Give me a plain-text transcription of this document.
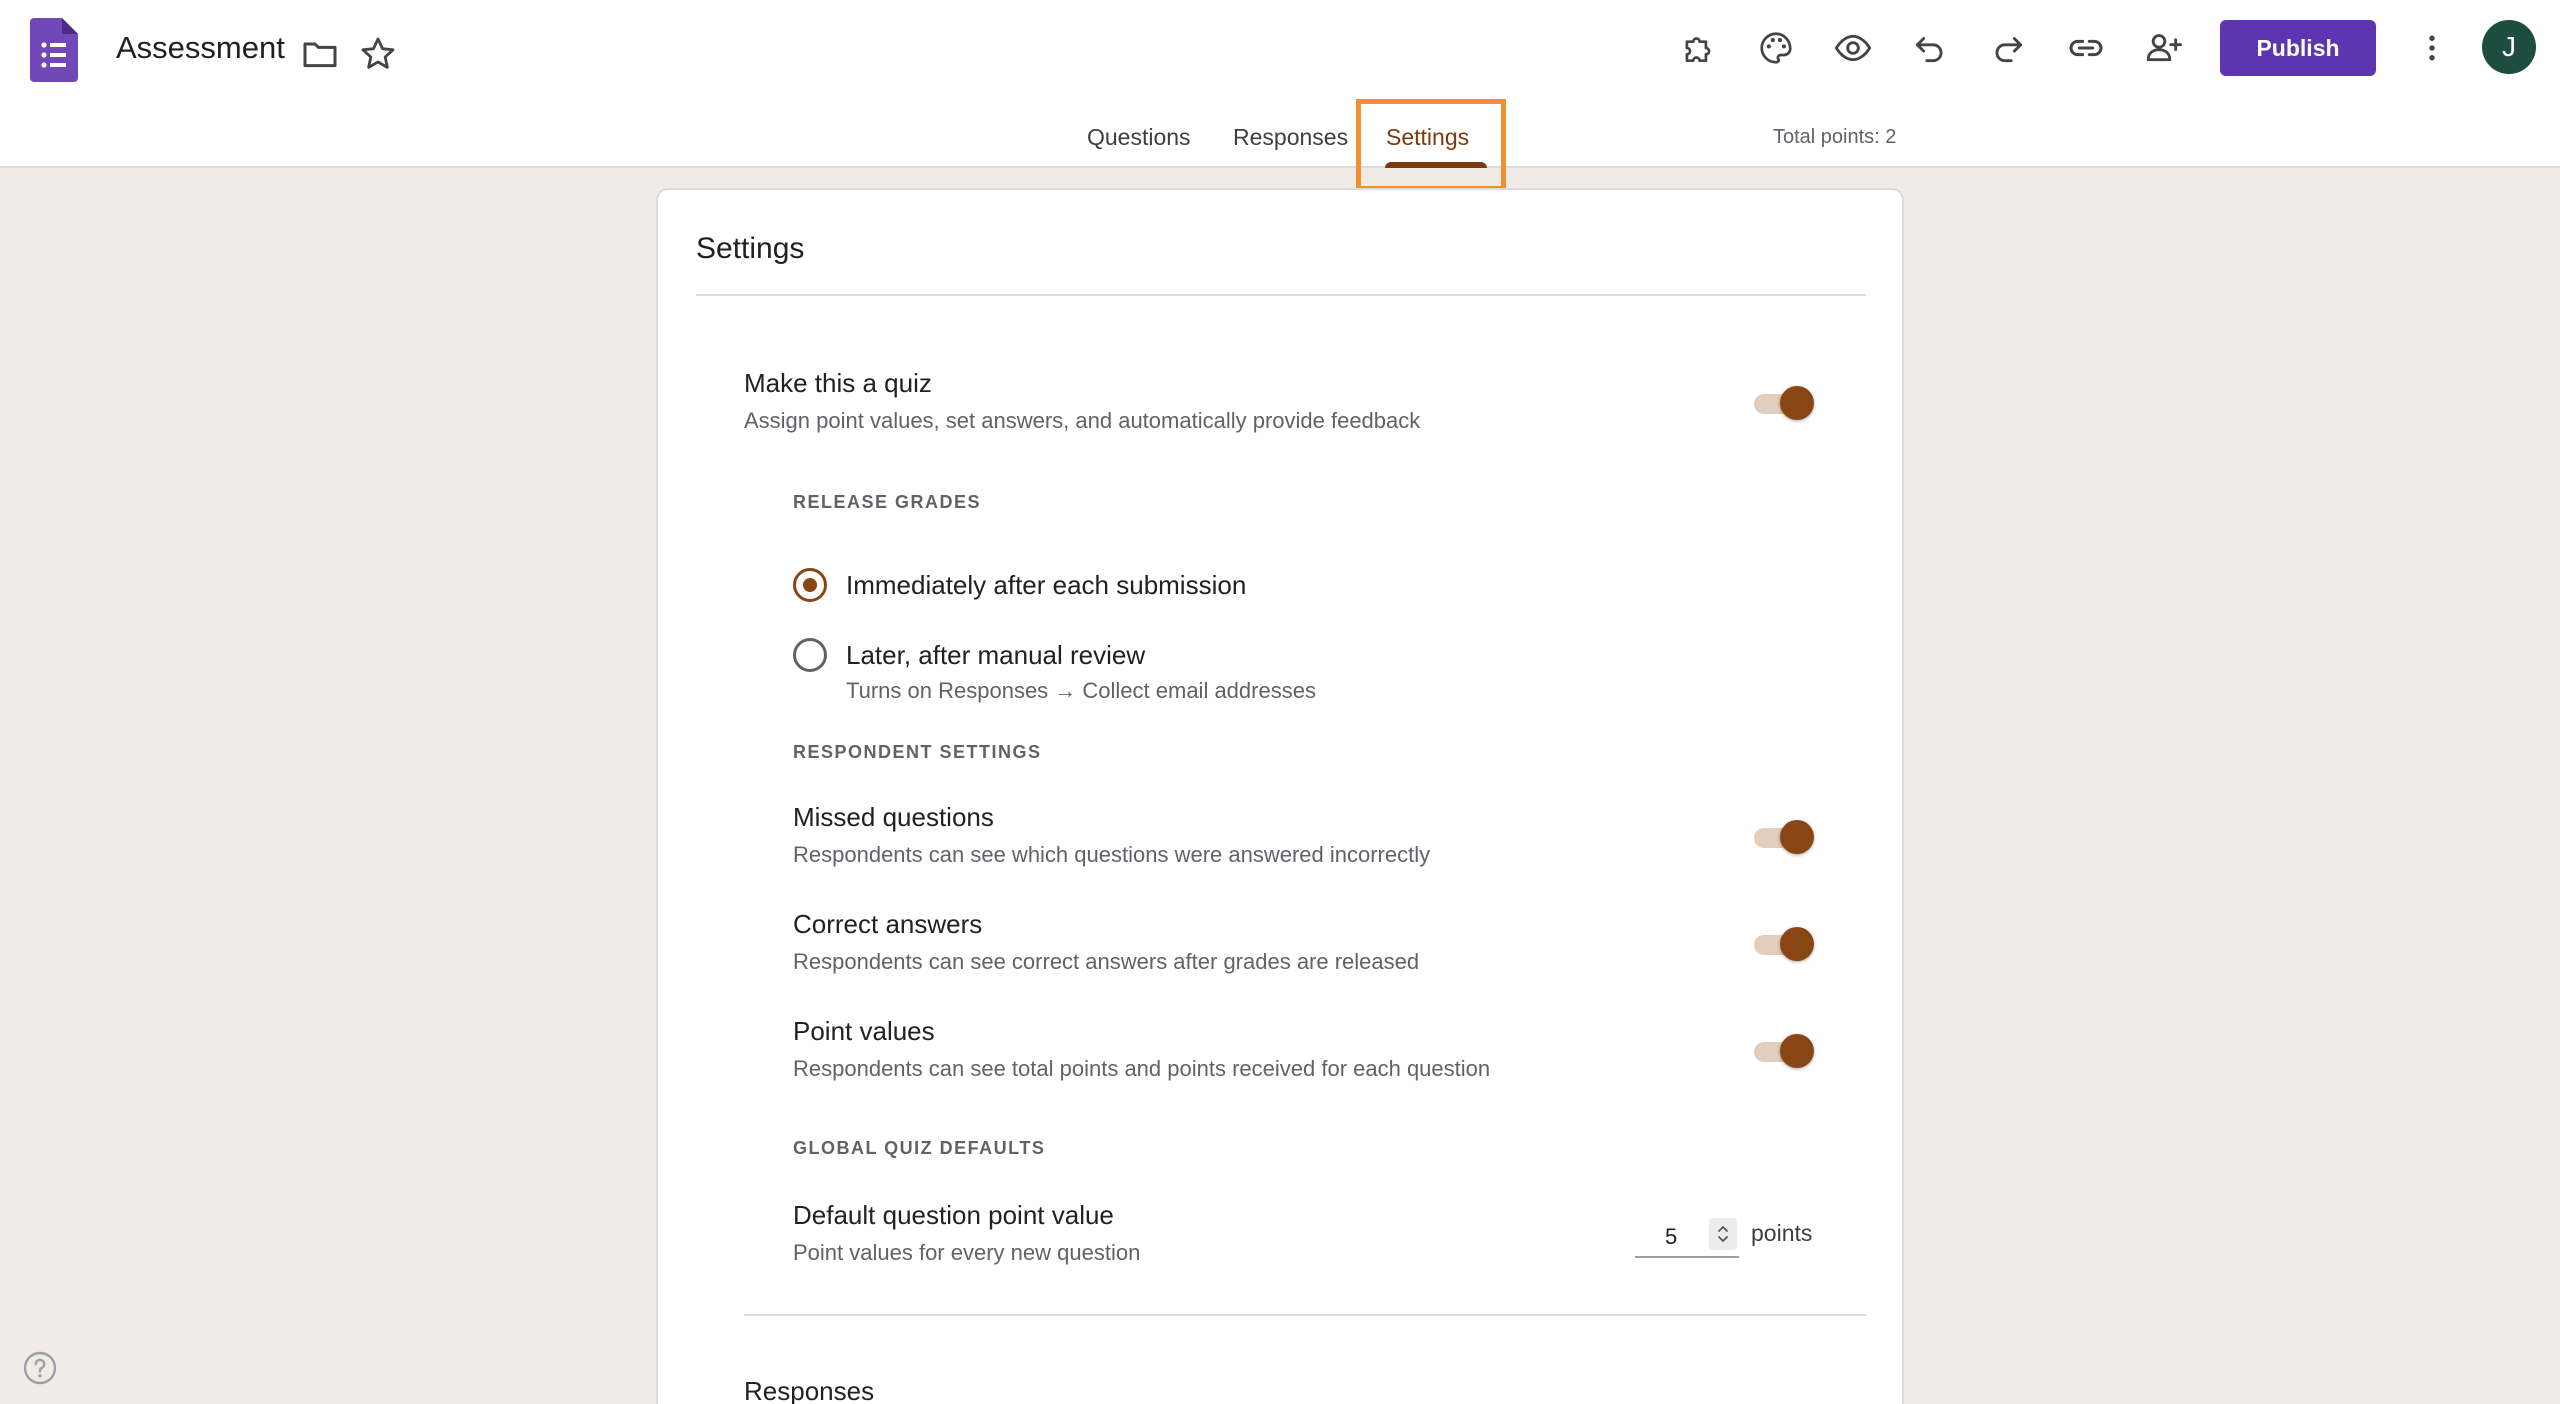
Assessment	Publish	J
Questions Responses Settings	Total points: 2
Settings
Make this a quiz
Assign point values, set answers, and automatically provide feedback
RELEASE GRADES
Immediately after each submission
Later, after manual review
Turns on Responses → Collect email addresses
RESPONDENT SETTINGS
Missed questions
Respondents can see which questions were answered incorrectly
Correct answers
Respondents can see correct answers after grades are released
Point values
Respondents can see total points and points received for each question
GLOBAL QUIZ DEFAULTS
Default question point value
Point values for every new question
5	points
Responses
